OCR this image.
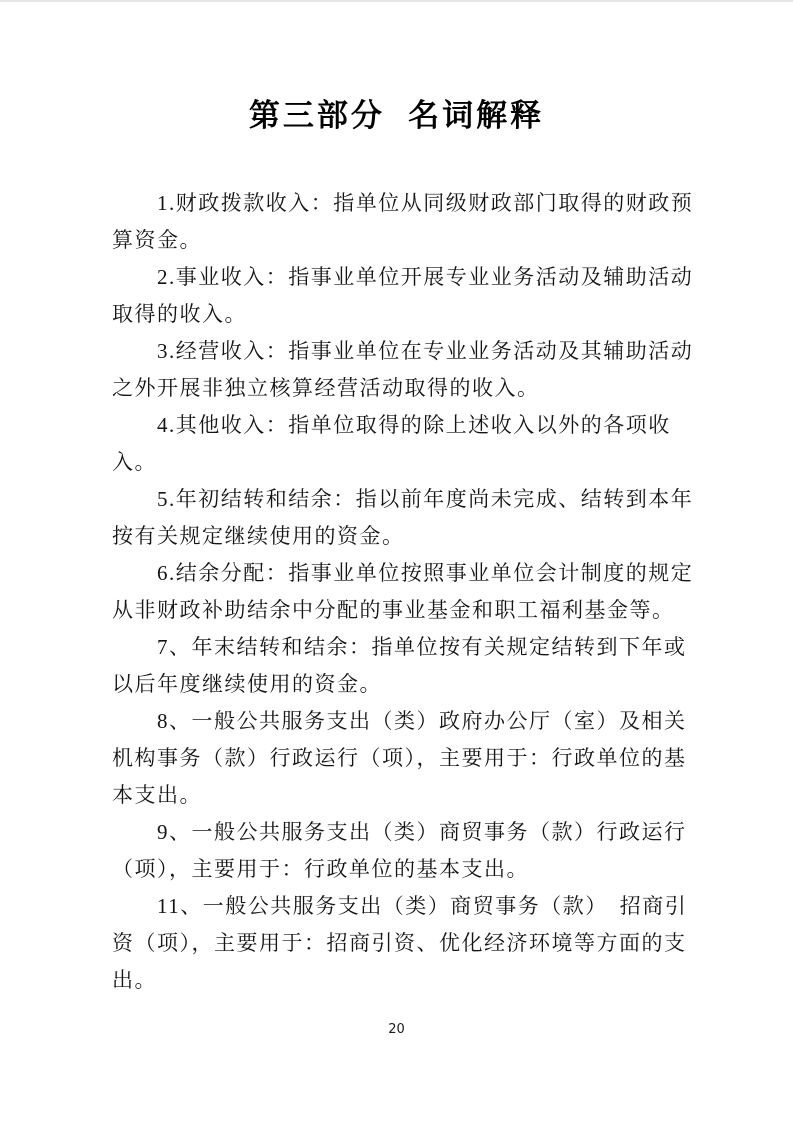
第三部分  名词解释
1.财政拨款收入：指单位从同级财政部门取得的财政预
算资金。
2.事业收入：指事业单位开展专业业务活动及辅助活动
取得的收入。
3.经营收入：指事业单位在专业业务活动及其辅助活动
之外开展非独立核算经营活动取得的收入。
4.其他收入：指单位取得的除上述收入以外的各项收
入。
5.年初结转和结余：指以前年度尚未完成、结转到本年
按有关规定继续使用的资金。
6.结余分配：指事业单位按照事业单位会计制度的规定
从非财政补助结余中分配的事业基金和职工福利基金等。
7、年末结转和结余：指单位按有关规定结转到下年或
以后年度继续使用的资金。
8、一般公共服务支出（类）政府办公厅（室）及相关
机构事务（款）行政运行（项），主要用于：行政单位的基
本支出。
9、一般公共服务支出（类）商贸事务（款）行政运行
（项），主要用于：行政单位的基本支出。
11、一般公共服务支出（类）商贸事务（款）　招商引
资（项），主要用于：招商引资、优化经济环境等方面的支
出。
20
